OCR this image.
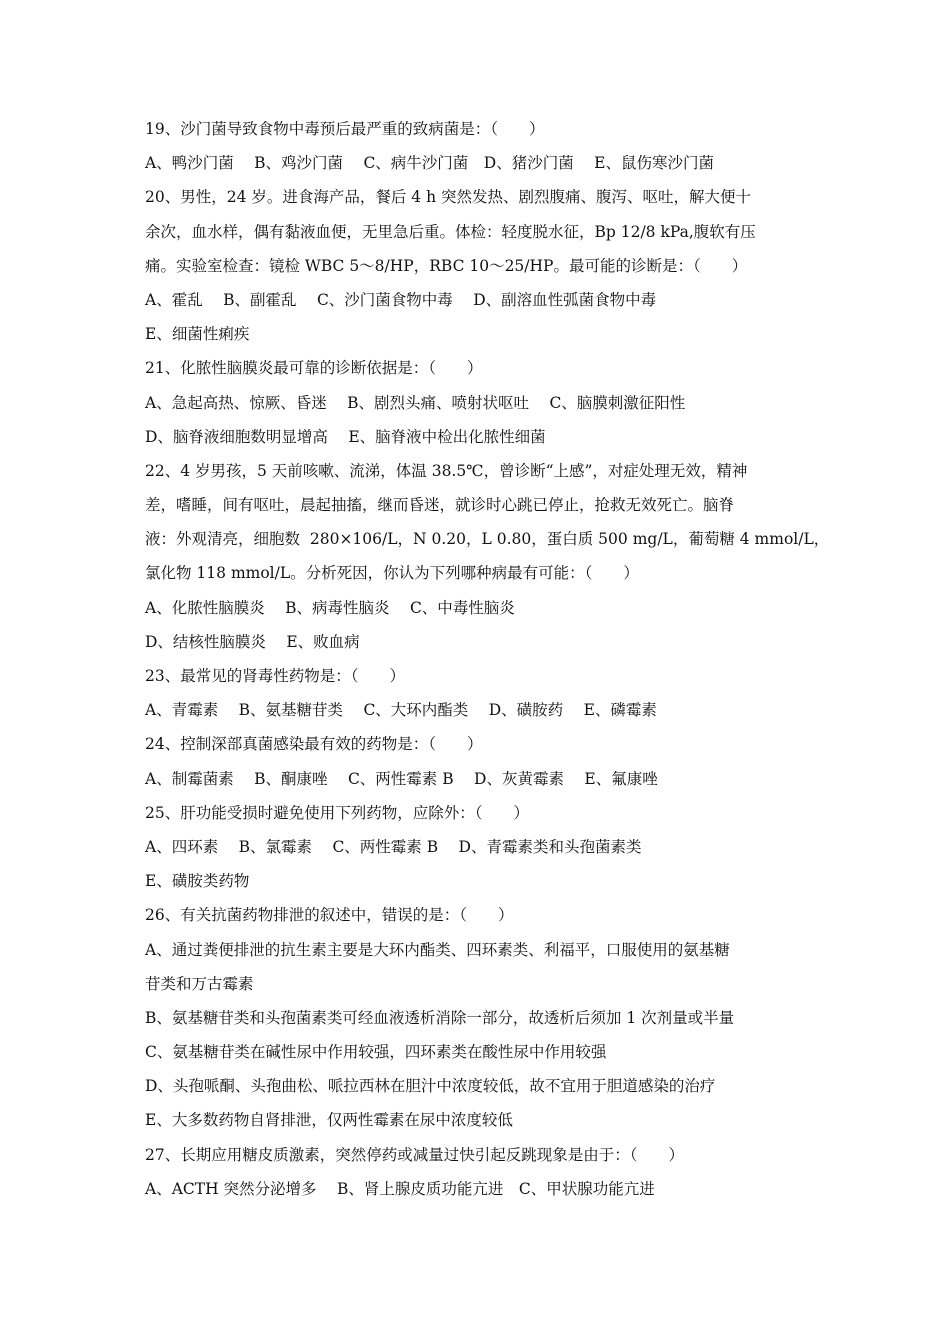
19、沙门菌导致食物中毒预后最严重的致病菌是：（　　）
A、鸭沙门菌　 B、鸡沙门菌　 C、病牛沙门菌　D、猪沙门菌　 E、鼠伤寒沙门菌
20、男性，24 岁。进食海产品，餐后 4 h 突然发热、剧烈腹痛、腹泻、呕吐，解大便十
余次，血水样，偶有黏液血便，无里急后重。体检：轻度脱水征，Bp 12/8 kPa,腹软有压
痛。实验室检查：镜检 WBC 5～8/HP，RBC 10～25/HP。最可能的诊断是：（　　）
A、霍乱　 B、副霍乱　 C、沙门菌食物中毒　 D、副溶血性弧菌食物中毒
E、细菌性痢疾
21、化脓性脑膜炎最可靠的诊断依据是：（　　）
A、急起高热、惊厥、昏迷　 B、剧烈头痛、喷射状呕吐　 C、脑膜刺激征阳性
D、脑脊液细胞数明显增高　 E、脑脊液中检出化脓性细菌
22、4 岁男孩，5 天前咳嗽、流涕，体温 38.5℃，曾诊断“上感”，对症处理无效，精神
差，嗜睡，间有呕吐，晨起抽搐，继而昏迷，就诊时心跳已停止，抢救无效死亡。脑脊
液：外观清亮，细胞数  280×106/L，N 0.20，L 0.80，蛋白质 500 mg/L，葡萄糖 4 mmol/L，
氯化物 118 mmol/L。分析死因，你认为下列哪种病最有可能：（　　）
A、化脓性脑膜炎　 B、病毒性脑炎　 C、中毒性脑炎
D、结核性脑膜炎　 E、败血病
23、最常见的肾毒性药物是：（　　）
A、青霉素　 B、氨基糖苷类　 C、大环内酯类　 D、磺胺药　 E、磷霉素
24、控制深部真菌感染最有效的药物是：（　　）
A、制霉菌素　 B、酮康唑　 C、两性霉素 B　 D、灰黄霉素　 E、氟康唑
25、肝功能受损时避免使用下列药物，应除外：（　　）
A、四环素　 B、氯霉素　 C、两性霉素 B　 D、青霉素类和头孢菌素类
E、磺胺类药物
26、有关抗菌药物排泄的叙述中，错误的是：（　　）
A、通过粪便排泄的抗生素主要是大环内酯类、四环素类、利福平，口服使用的氨基糖
苷类和万古霉素
B、氨基糖苷类和头孢菌素类可经血液透析消除一部分，故透析后须加 1 次剂量或半量
C、氨基糖苷类在碱性尿中作用较强，四环素类在酸性尿中作用较强
D、头孢哌酮、头孢曲松、哌拉西林在胆汁中浓度较低，故不宜用于胆道感染的治疗
E、大多数药物自肾排泄，仅两性霉素在尿中浓度较低
27、长期应用糖皮质激素，突然停药或减量过快引起反跳现象是由于：（　　）
A、ACTH 突然分泌增多　 B、肾上腺皮质功能亢进　C、甲状腺功能亢进
